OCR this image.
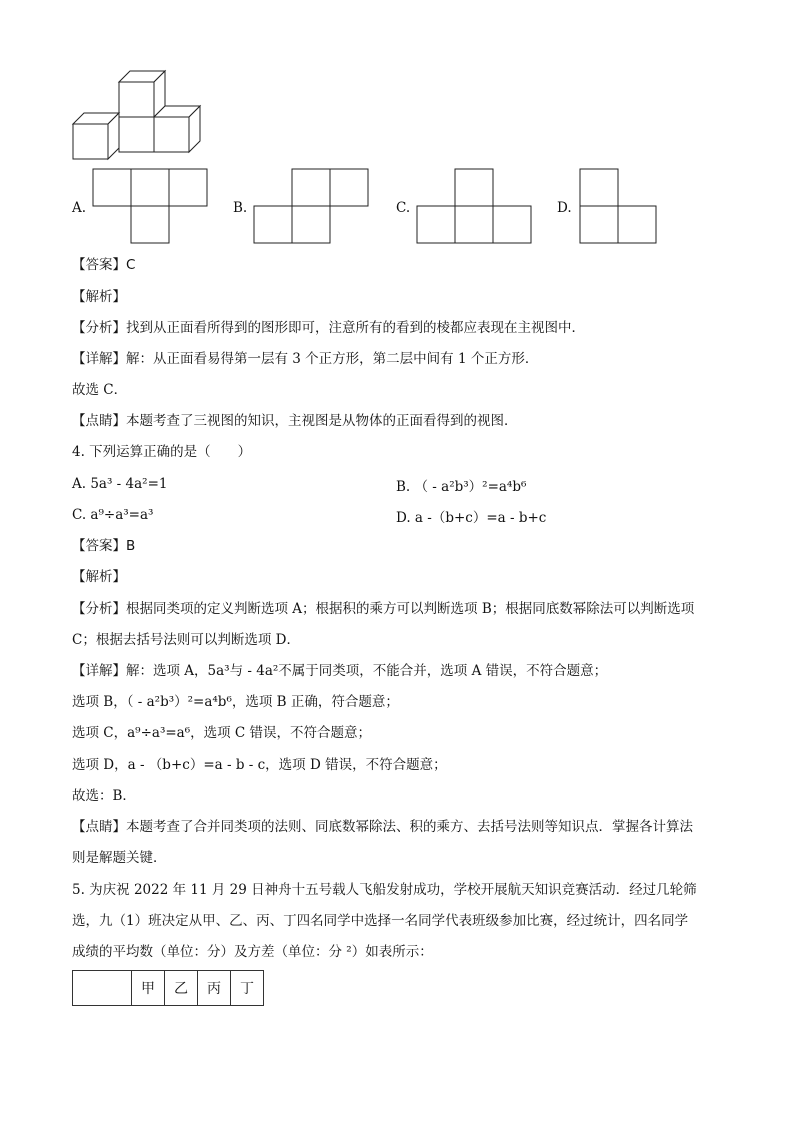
A.	B.	C.	D.
【答案】C
【解析】
【分析】找到从正面看所得到的图形即可，注意所有的看到的棱都应表现在主视图中．
【详解】解：从正面看易得第一层有 3 个正方形，第二层中间有 1 个正方形．
故选 C．
【点睛】本题考查了三视图的知识，主视图是从物体的正面看得到的视图．
4. 下列运算正确的是（　　）
A. 5a³ - 4a²=1	B. （ - a²b³）²=a⁴b⁶
C. a⁹÷a³=a³	D. a -（b+c）=a - b+c
【答案】B
【解析】
【分析】根据同类项的定义判断选项 A；根据积的乘方可以判断选项 B；根据同底数幂除法可以判断选项
C；根据去括号法则可以判断选项 D．
【详解】解：选项 A，5a³与 - 4a²不属于同类项，不能合并，选项 A 错误，不符合题意；
选项 B，（ - a²b³）²=a⁴b⁶，选项 B 正确，符合题意；
选项 C，a⁹÷a³=a⁶，选项 C 错误，不符合题意；
选项 D，a - （b+c）=a - b - c，选项 D 错误，不符合题意；
故选：B．
【点睛】本题考查了合并同类项的法则、同底数幂除法、积的乘方、去括号法则等知识点．掌握各计算法
则是解题关键．
5. 为庆祝 2022 年 11 月 29 日神舟十五号载人飞船发射成功，学校开展航天知识竞赛活动．经过几轮筛
选，九（1）班决定从甲、乙、丙、丁四名同学中选择一名同学代表班级参加比赛，经过统计，四名同学
成绩的平均数（单位：分）及方差（单位：分 ²）如表所示：
	甲	乙	丙	丁
